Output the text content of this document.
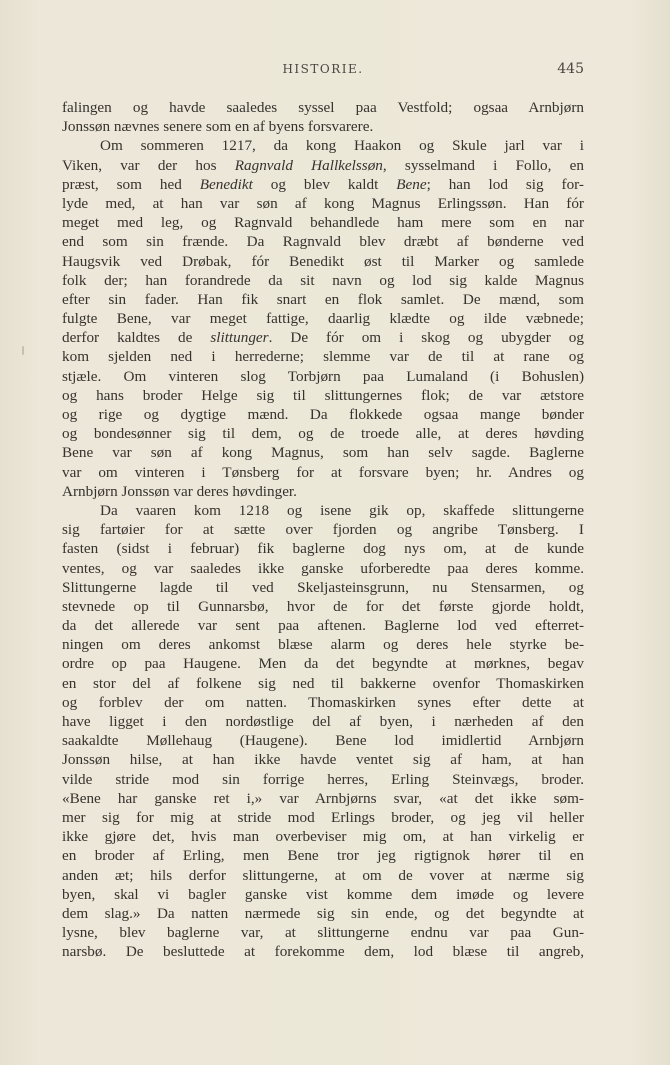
HISTORIE.	445
falingen og havde saaledes syssel paa Vestfold; ogsaa Arnbjørn
Jonssøn nævnes senere som en af byens forsvarere.
Om sommeren 1217, da kong Haakon og Skule jarl var i
Viken, var der hos Ragnvald Hallkelssøn, sysselmand i Follo, en
præst, som hed Benedikt og blev kaldt Bene; han lod sig for-
lyde med, at han var søn af kong Magnus Erlingssøn. Han fór
meget med leg, og Ragnvald behandlede ham mere som en nar
end som sin frænde. Da Ragnvald blev dræbt af bønderne ved
Haugsvik ved Drøbak, fór Benedikt øst til Marker og samlede
folk der; han forandrede da sit navn og lod sig kalde Magnus
efter sin fader. Han fik snart en flok samlet. De mænd, som
fulgte Bene, var meget fattige, daarlig klædte og ilde væbnede;
derfor kaldtes de slittunger. De fór om i skog og ubygder og
kom sjelden ned i herrederne; slemme var de til at rane og
stjæle. Om vinteren slog Torbjørn paa Lumaland (i Bohuslen)
og hans broder Helge sig til slittungernes flok; de var ætstore
og rige og dygtige mænd. Da flokkede ogsaa mange bønder
og bondesønner sig til dem, og de troede alle, at deres høvding
Bene var søn af kong Magnus, som han selv sagde. Baglerne
var om vinteren i Tønsberg for at forsvare byen; hr. Andres og
Arnbjørn Jonssøn var deres høvdinger.
Da vaaren kom 1218 og isene gik op, skaffede slittungerne
sig fartøier for at sætte over fjorden og angribe Tønsberg. I
fasten (sidst i februar) fik baglerne dog nys om, at de kunde
ventes, og var saaledes ikke ganske uforberedte paa deres komme.
Slittungerne lagde til ved Skeljasteinsgrunn, nu Stensarmen, og
stevnede op til Gunnarsbø, hvor de for det første gjorde holdt,
da det allerede var sent paa aftenen. Baglerne lod ved efterret-
ningen om deres ankomst blæse alarm og deres hele styrke be-
ordre op paa Haugene. Men da det begyndte at mørknes, begav
en stor del af folkene sig ned til bakkerne ovenfor Thomaskirken
og forblev der om natten. Thomaskirken synes efter dette at
have ligget i den nordøstlige del af byen, i nærheden af den
saakaldte Møllehaug (Haugene). Bene lod imidlertid Arnbjørn
Jonssøn hilse, at han ikke havde ventet sig af ham, at han
vilde stride mod sin forrige herres, Erling Steinvægs, broder.
«Bene har ganske ret i,» var Arnbjørns svar, «at det ikke søm-
mer sig for mig at stride mod Erlings broder, og jeg vil heller
ikke gjøre det, hvis man overbeviser mig om, at han virkelig er
en broder af Erling, men Bene tror jeg rigtignok hører til en
anden æt; hils derfor slittungerne, at om de vover at nærme sig
byen, skal vi bagler ganske vist komme dem imøde og levere
dem slag.» Da natten nærmede sig sin ende, og det begyndte at
lysne, blev baglerne var, at slittungerne endnu var paa Gun-
narsbø. De besluttede at forekomme dem, lod blæse til angreb,
